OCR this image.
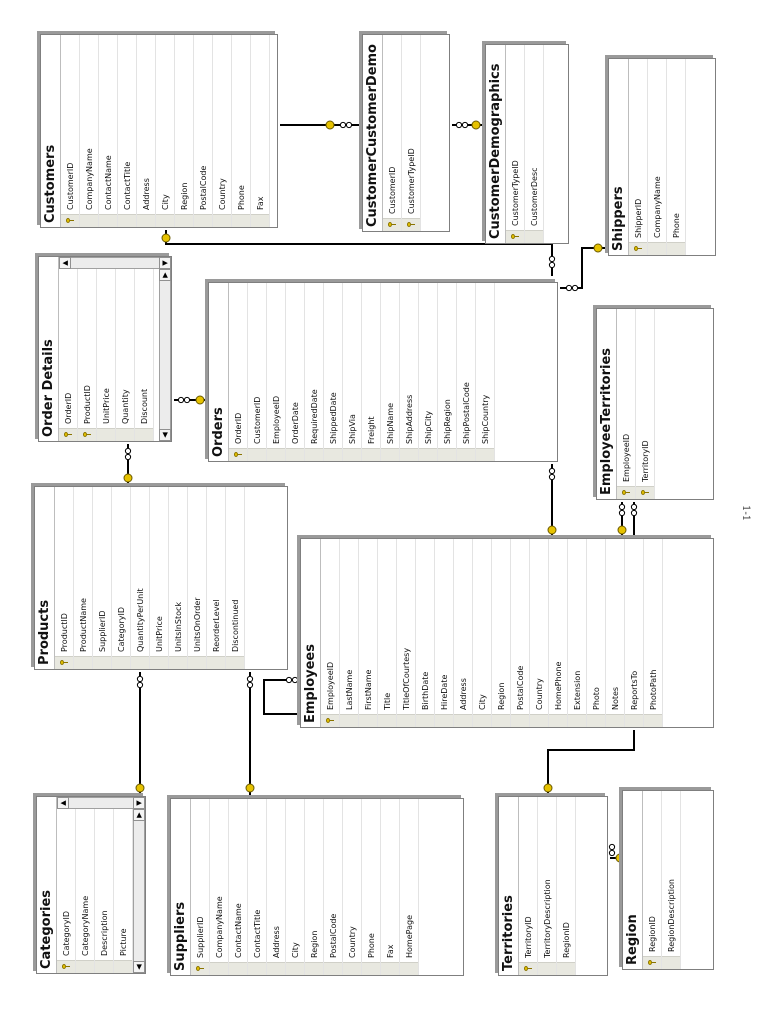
Customers CustomerID CompanyName ContactName ContactTitle Address City Region PostalCode Country Phone Fax	CustomerCustomerDemo CustomerID CustomerTypeID	CustomerDemographics CustomerTypeID CustomerDesc	Shippers ShipperID CompanyName Phone
Order Details OrderID ProductID UnitPrice Quantity Discount
▲	▼
◀
▶
Orders OrderID CustomerID EmployeeID OrderDate RequiredDate ShippedDate ShipVia Freight ShipName ShipAddress ShipCity ShipRegion ShipPostalCode ShipCountry	EmployeeTerritories EmployeeID TerritoryID
Products ProductID ProductName SupplierID CategoryID QuantityPerUnit UnitPrice UnitsInStock UnitsOnOrder ReorderLevel Discontinued
Employees EmployeeID LastName FirstName Title TitleOfCourtesy BirthDate HireDate Address City Region PostalCode Country HomePhone Extension Photo Notes ReportsTo PhotoPath
Categories CategoryID CategoryName Description Picture
▲	▼
◀
▶
Suppliers SupplierID CompanyName ContactName ContactTitle Address City Region PostalCode Country Phone Fax HomePage	Territories TerritoryID TerritoryDescription RegionID	Region RegionID RegionDescription
1-1
